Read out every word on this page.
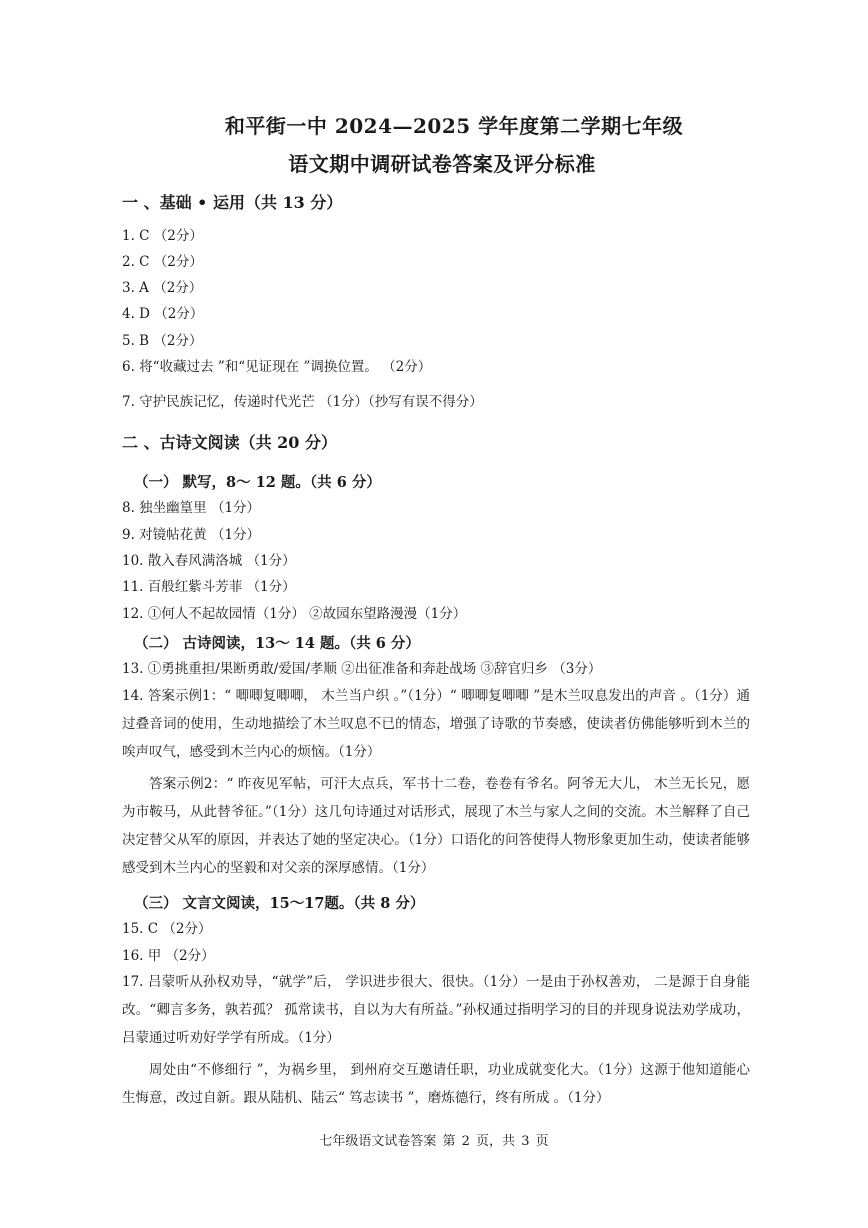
和平街一中 2024—2025 学年度第二学期七年级
语文期中调研试卷答案及评分标准
一 、基础 • 运用（共 13 分）
1. C （2分）
2. C （2分）
3. A （2分）
4. D （2分）
5. B （2分）
6. 将“收藏过去 ”和“见证现在 ”调换位置。 （2分）
7. 守护民族记忆，传递时代光芒 （1分）（抄写有误不得分）
二 、古诗文阅读（共 20 分）
（一） 默写，8～ 12 题。（共 6 分）
8. 独坐幽篁里 （1分）
9. 对镜帖花黄 （1分）
10. 散入春风满洛城 （1分）
11. 百般红紫斗芳菲 （1分）
12. ①何人不起故园情（1分） ②故园东望路漫漫（1分）
（二） 古诗阅读，13～ 14 题。（共 6 分）
13. ①勇挑重担/果断勇敢/爱国/孝顺 ②出征准备和奔赴战场 ③辞官归乡 （3分）
14. 答案示例1：“ 唧唧复唧唧， 木兰当户织 。”（1分）“ 唧唧复唧唧 ”是木兰叹息发出的声音 。（1分）通过叠音词的使用，生动地描绘了木兰叹息不已的情态，增强了诗歌的节奏感，使读者仿佛能够听到木兰的唉声叹气，感受到木兰内心的烦恼。（1分）
答案示例2：“ 昨夜见军帖，可汗大点兵，军书十二卷，卷卷有爷名。阿爷无大儿， 木兰无长兄，愿为市鞍马，从此替爷征。”（1分）这几句诗通过对话形式，展现了木兰与家人之间的交流。木兰解释了自己决定替父从军的原因，并表达了她的坚定决心。（1分）口语化的问答使得人物形象更加生动，使读者能够感受到木兰内心的坚毅和对父亲的深厚感情。（1分）
（三） 文言文阅读，15～17题。（共 8 分）
15. C （2分）
16. 甲 （2分）
17. 吕蒙听从孙权劝导，“就学”后， 学识进步很大、很快。（1分）一是由于孙权善劝， 二是源于自身能改。“卿言多务，孰若孤？ 孤常读书，自以为大有所益。”孙权通过指明学习的目的并现身说法劝学成功，吕蒙通过听劝好学学有所成。（1分）
周处由“不修细行 ”，为祸乡里， 到州府交互邀请任职，功业成就变化大。（1分）这源于他知道能心生悔意，改过自新。跟从陆机、陆云“ 笃志读书 ”，磨炼德行，终有所成 。（1分）
七年级语文试卷答案 第 2 页，共 3 页
